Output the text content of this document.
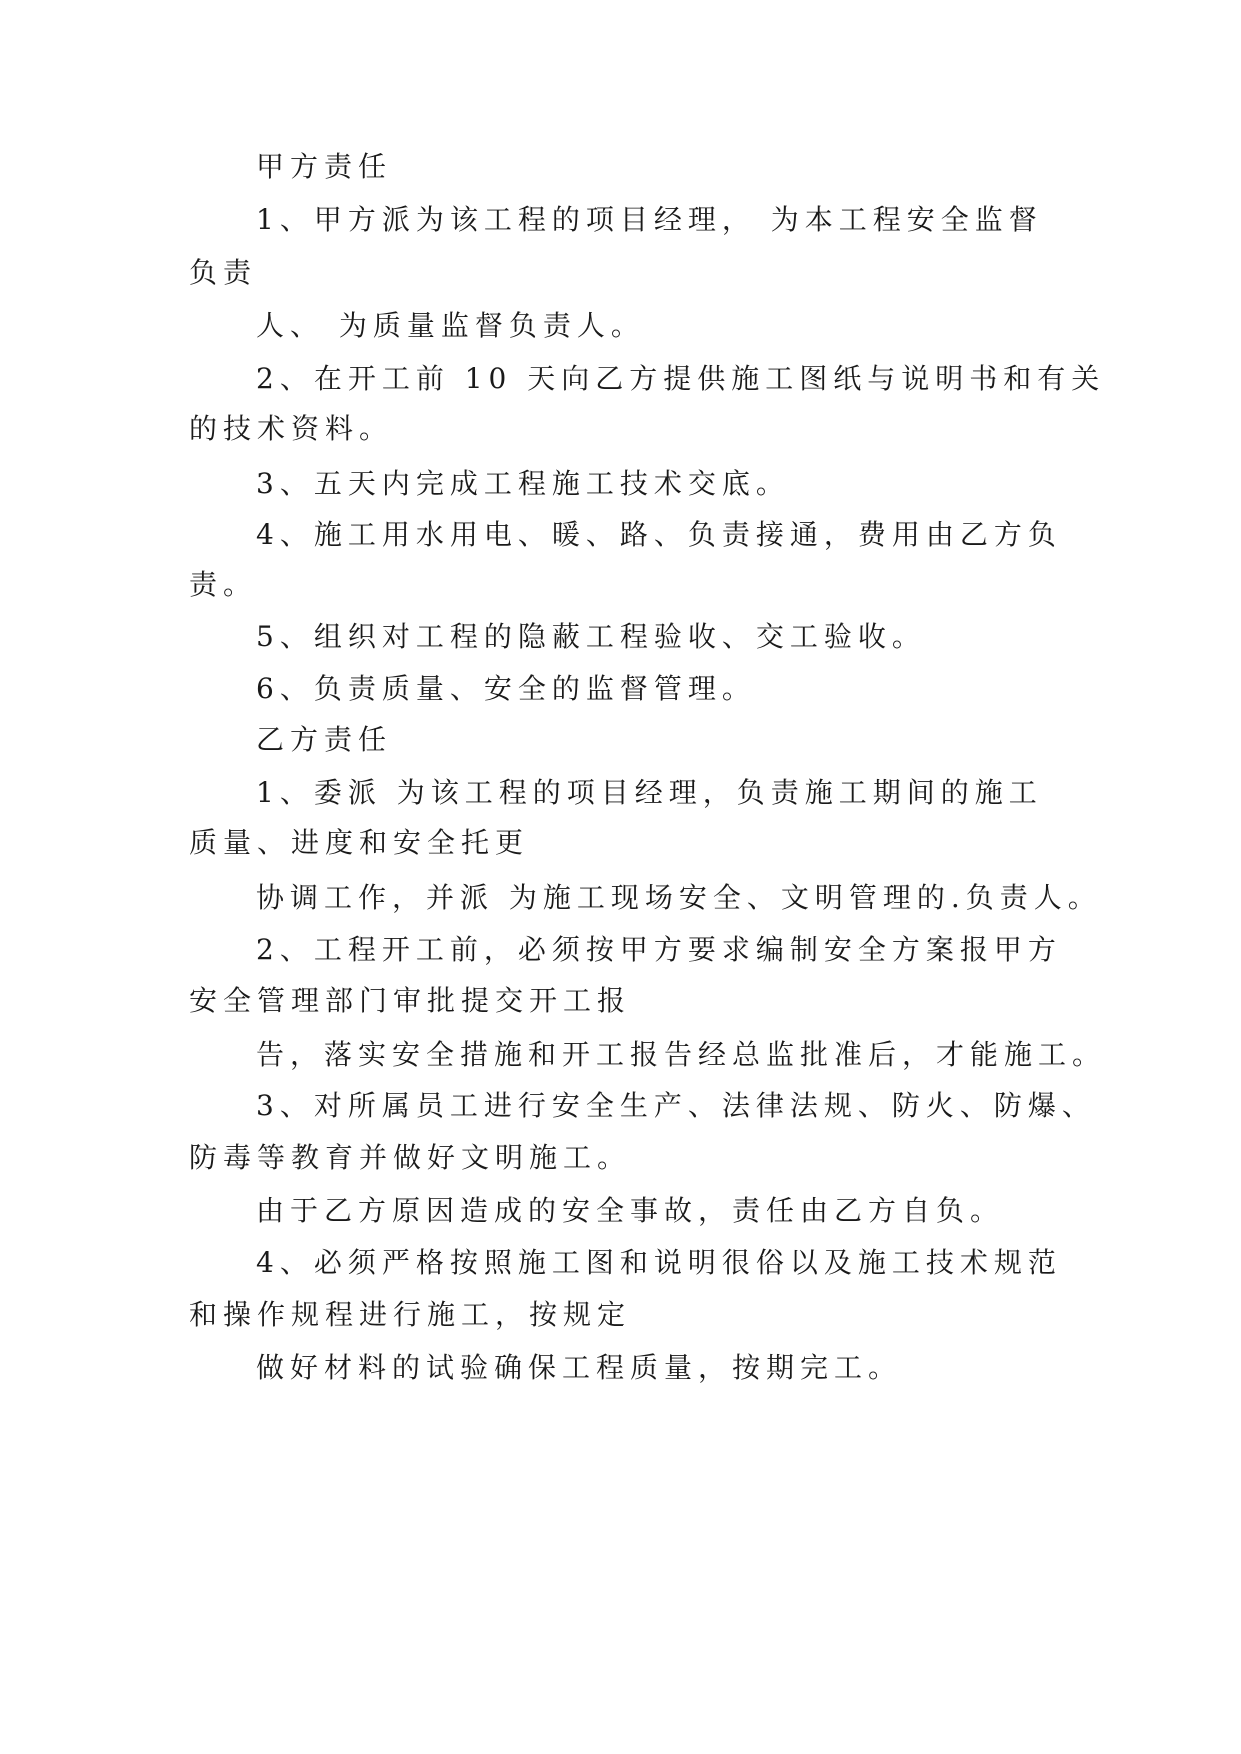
甲方责任
1、甲方派为该工程的项目经理， 为本工程安全监督
负责
人、 为质量监督负责人。
2、在开工前 10 天向乙方提供施工图纸与说明书和有关
的技术资料。
3、五天内完成工程施工技术交底。
4、施工用水用电、暖、路、负责接通，费用由乙方负
责。
5、组织对工程的隐蔽工程验收、交工验收。
6、负责质量、安全的监督管理。
乙方责任
1、委派 为该工程的项目经理，负责施工期间的施工
质量、进度和安全托更
协调工作，并派 为施工现场安全、文明管理的.负责人。
2、工程开工前，必须按甲方要求编制安全方案报甲方
安全管理部门审批提交开工报
告，落实安全措施和开工报告经总监批准后，才能施工。
3、对所属员工进行安全生产、法律法规、防火、防爆、
防毒等教育并做好文明施工。
由于乙方原因造成的安全事故，责任由乙方自负。
4、必须严格按照施工图和说明很俗以及施工技术规范
和操作规程进行施工，按规定
做好材料的试验确保工程质量，按期完工。
